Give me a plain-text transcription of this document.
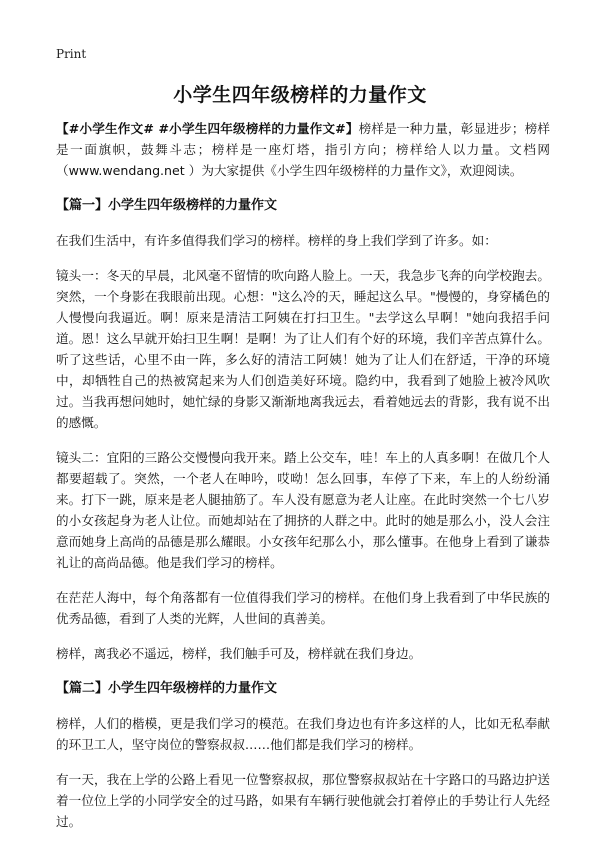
Print
小学生四年级榜样的力量作文

【#小学生作文# #小学生四年级榜样的力量作文#】榜样是一种力量，彰显进步；榜样是一面旗帜，鼓舞斗志；榜样是一座灯塔，指引方向；榜样给人以力量。文档网（www.wendang.net ）为大家提供《小学生四年级榜样的力量作文》，欢迎阅读。

【篇一】小学生四年级榜样的力量作文

在我们生活中，有许多值得我们学习的榜样。榜样的身上我们学到了许多。如：

镜头一：冬天的早晨，北风毫不留情的吹向路人脸上。一天，我急步飞奔的向学校跑去。突然，一个身影在我眼前出现。心想："这么冷的天，睡起这么早。"慢慢的，身穿橘色的人慢慢向我逼近。啊！原来是清洁工阿姨在打扫卫生。"去学这么早啊！"她向我招手问道。恩！这么早就开始扫卫生啊！是啊！为了让人们有个好的环境，我们辛苦点算什么。听了这些话，心里不由一阵，多么好的清洁工阿姨！她为了让人们在舒适，干净的环境中，却牺牲自己的热被窝起来为人们创造美好环境。隐约中，我看到了她脸上被冷风吹过。当我再想问她时，她忙绿的身影又渐渐地离我远去，看着她远去的背影，我有说不出的感慨。

镜头二：宜阳的三路公交慢慢向我开来。踏上公交车，哇！车上的人真多啊！在做几个人都要超载了。突然，一个老人在呻吟，哎呦！怎么回事，车停了下来，车上的人纷纷涌来。打下一跳，原来是老人腿抽筋了。车人没有愿意为老人让座。在此时突然一个七八岁的小女孩起身为老人让位。而她却站在了拥挤的人群之中。此时的她是那么小，没人会注意而她身上高尚的品德是那么耀眼。小女孩年纪那么小，那么懂事。在他身上看到了谦恭礼让的高尚品德。他是我们学习的榜样。

在茫茫人海中，每个角落都有一位值得我们学习的榜样。在他们身上我看到了中华民族的优秀品德，看到了人类的光辉，人世间的真善美。

榜样，离我必不遥远，榜样，我们触手可及，榜样就在我们身边。

【篇二】小学生四年级榜样的力量作文

榜样，人们的楷模，更是我们学习的模范。在我们身边也有许多这样的人，比如无私奉献的环卫工人，坚守岗位的警察叔叔……他们都是我们学习的榜样。

有一天，我在上学的公路上看见一位警察叔叔，那位警察叔叔站在十字路口的马路边护送着一位位上学的小同学安全的过马路，如果有车辆行驶他就会打着停止的手势让行人先经过。
